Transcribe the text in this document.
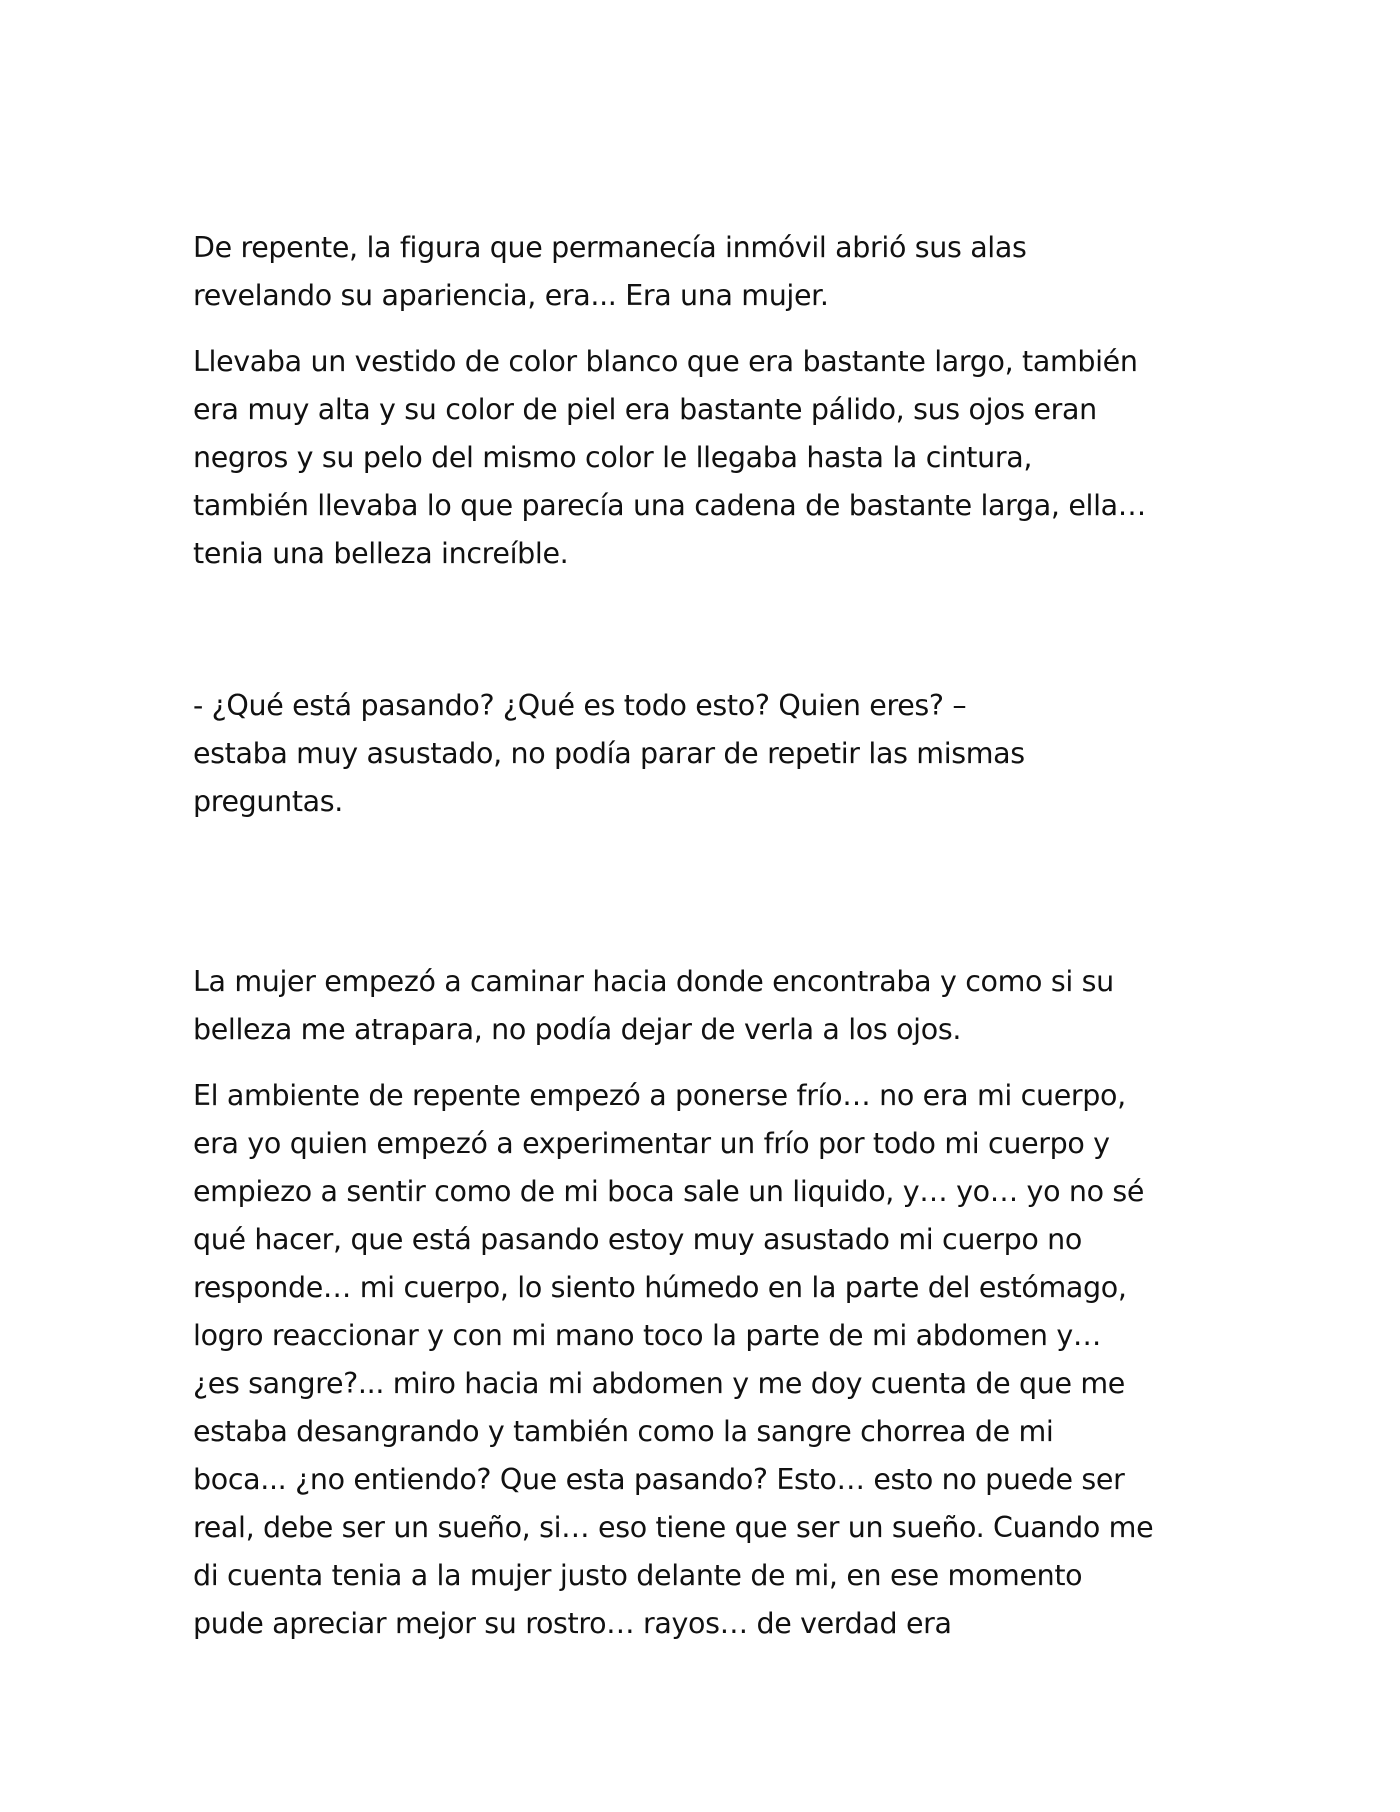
De repente, la figura que permanecía inmóvil abrió sus alas
revelando su apariencia, era... Era una mujer.

Llevaba un vestido de color blanco que era bastante largo, también
era muy alta y su color de piel era bastante pálido, sus ojos eran
negros y su pelo del mismo color le llegaba hasta la cintura,
también llevaba lo que parecía una cadena de bastante larga, ella…
tenia una belleza increíble.

- ¿Qué está pasando? ¿Qué es todo esto? Quien eres? –
estaba muy asustado, no podía parar de repetir las mismas
preguntas.

La mujer empezó a caminar hacia donde encontraba y como si su
belleza me atrapara, no podía dejar de verla a los ojos.

El ambiente de repente empezó a ponerse frío… no era mi cuerpo,
era yo quien empezó a experimentar un frío por todo mi cuerpo y
empiezo a sentir como de mi boca sale un liquido, y… yo… yo no sé
qué hacer, que está pasando estoy muy asustado mi cuerpo no
responde… mi cuerpo, lo siento húmedo en la parte del estómago,
logro reaccionar y con mi mano toco la parte de mi abdomen y…
¿es sangre?... miro hacia mi abdomen y me doy cuenta de que me
estaba desangrando y también como la sangre chorrea de mi
boca... ¿no entiendo? Que esta pasando? Esto… esto no puede ser
real, debe ser un sueño, si… eso tiene que ser un sueño. Cuando me
di cuenta tenia a la mujer justo delante de mi, en ese momento
pude apreciar mejor su rostro… rayos… de verdad era
